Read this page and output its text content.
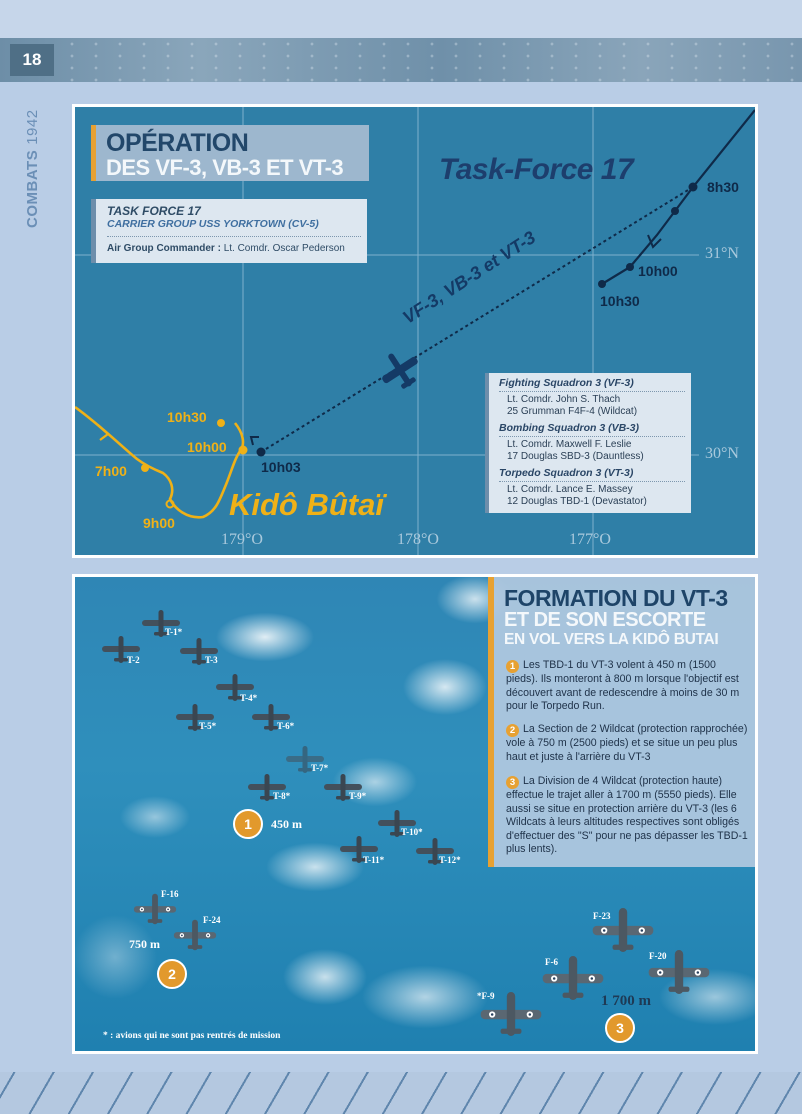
18
COMBATS1942	OPÉRATION
DES VF-3, VB-3 ET VT-3
TASK FORCE 17
CARRIER GROUP USS YORKTOWN (CV-5)
Air Group Commander : Lt. Comdr. Oscar Pederson
Task-Force 17
VF-3, VB-3 et VT-3
8h30
10h00
10h30
10h03
10h30
10h00
7h00
9h00
Kidô Bûtaï
31°N
30°N
179°O	178°O	177°O
Fighting Squadron 3 (VF-3)
Lt. Comdr. John S. Thach
25 Grumman F4F-4 (Wildcat)
Bombing Squadron 3 (VB-3)
Lt. Comdr. Maxwell F. Leslie
17 Douglas SBD-3 (Dauntless)
Torpedo Squadron 3 (VT-3)
Lt. Comdr. Lance E. Massey
12 Douglas TBD-1 (Devastator)
T-1*
T-2	T-3
T-4*
T-5*	T-6*
T-7*
T-8*	T-9*
T-10*
T-11*	T-12*
F-16
F-24	F-23
F-6
F-20
*F-9
1	450 m
750 m
2
1 700 m
3
* : avions qui ne sont pas rentrés de mission
FORMATION DU VT-3
ET DE SON ESCORTE
EN VOL VERS LA KIDÔ BUTAI
1 Les TBD-1 du VT-3 volent à 450 m (1500 pieds). Ils monteront à 800 m lorsque l'objectif est découvert avant de redescendre à moins de 30 m pour le Torpedo Run.
2 La Section de 2 Wildcat (protection rapprochée) vole à 750 m (2500 pieds) et se situe un peu plus haut et juste à l'arrière du VT-3
3 La Division de 4 Wildcat (protection haute) effectue le trajet aller à 1700 m (5550 pieds). Elle aussi se situe en protection arrière du VT-3 (les 6 Wildcats à leurs altitudes respectives sont obligés d'effectuer des "S" pour ne pas dépasser les TBD-1 plus lents).
